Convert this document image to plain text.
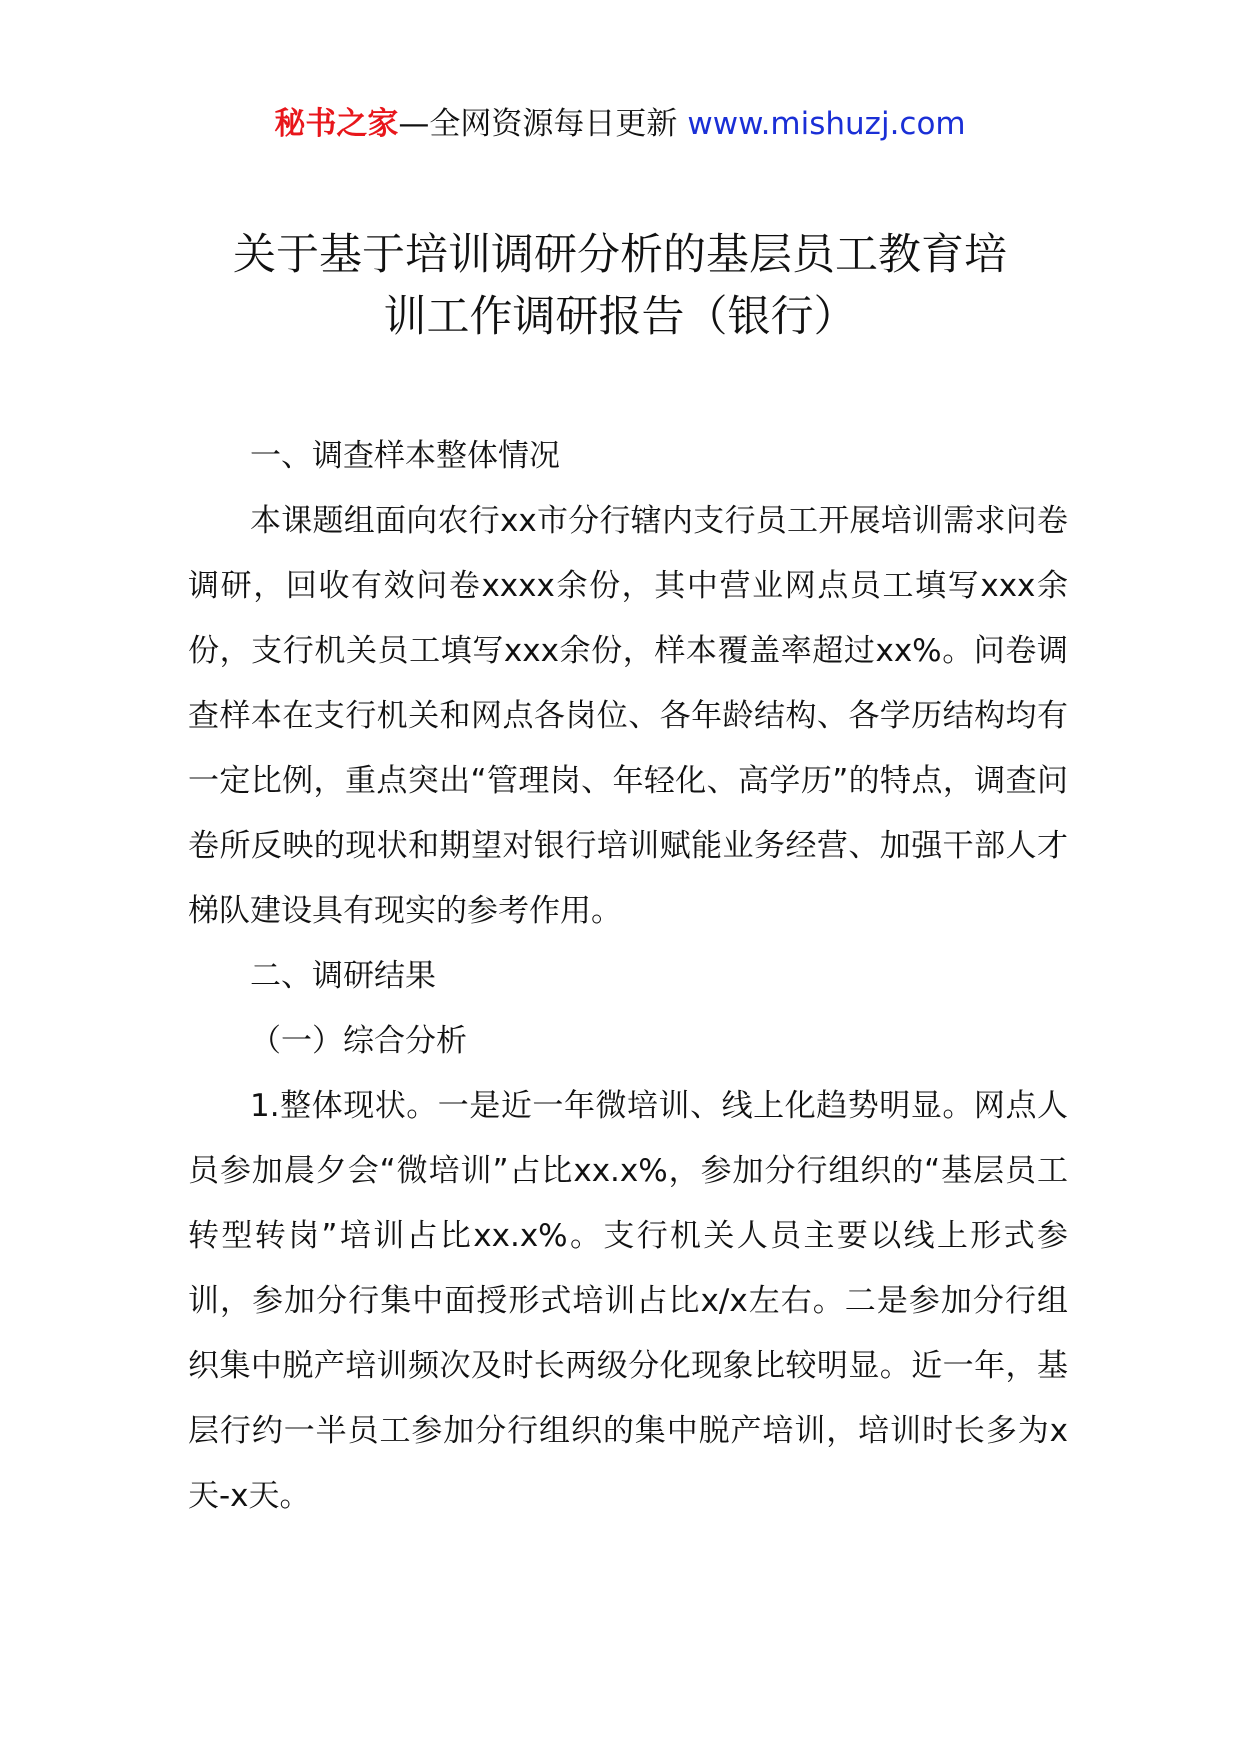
秘书之家—全网资源每日更新 www.mishuzj.com
关于基于培训调研分析的基层员工教育培
训工作调研报告（银行）

一、调查样本整体情况

本课题组面向农行xx市分行辖内支行员工开展培训需求问卷调研，回收有效问卷xxxx余份，其中营业网点员工填写xxx余份，支行机关员工填写xxx余份，样本覆盖率超过xx%。问卷调查样本在支行机关和网点各岗位、各年龄结构、各学历结构均有一定比例，重点突出“管理岗、年轻化、高学历”的特点，调查问卷所反映的现状和期望对银行培训赋能业务经营、加强干部人才梯队建设具有现实的参考作用。

二、调研结果

（一）综合分析

1.整体现状。一是近一年微培训、线上化趋势明显。网点人员参加晨夕会“微培训”占比xx.x%，参加分行组织的“基层员工转型转岗”培训占比xx.x%。支行机关人员主要以线上形式参训，参加分行集中面授形式培训占比x/x左右。二是参加分行组织集中脱产培训频次及时长两级分化现象比较明显。近一年，基层行约一半员工参加分行组织的集中脱产培训，培训时长多为x天-x天。
